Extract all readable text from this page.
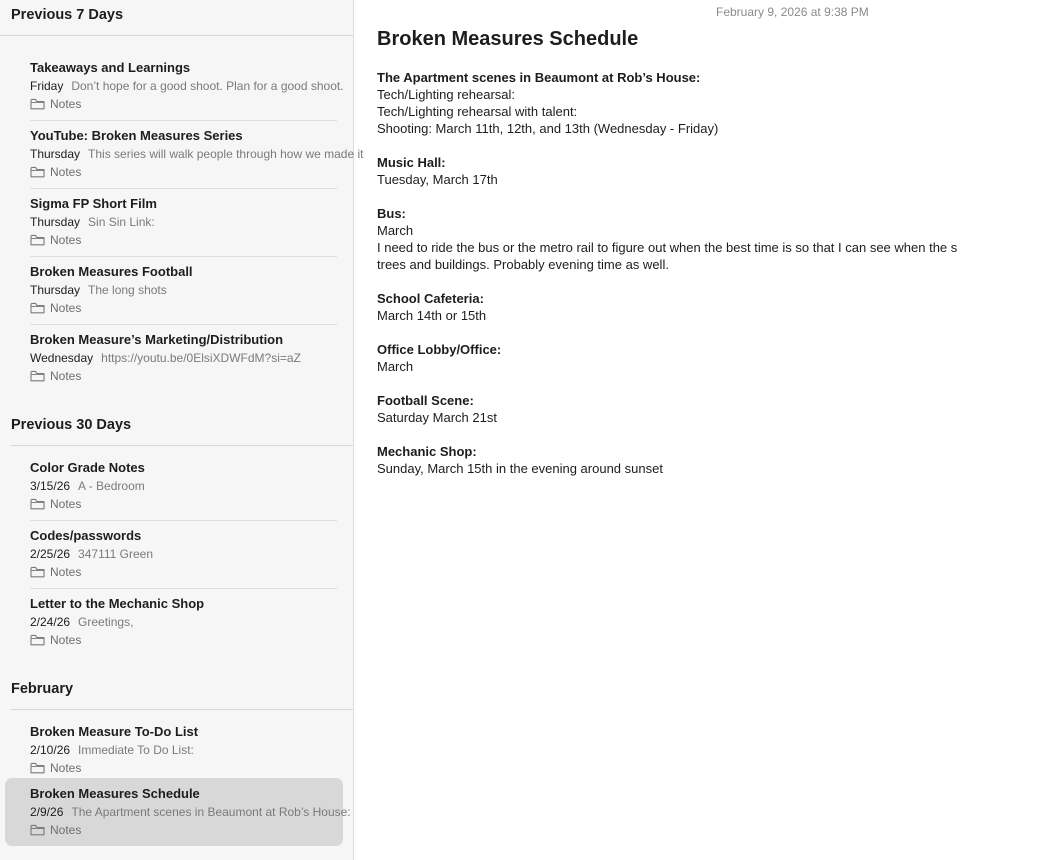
Previous 7 Days
Takeaways and Learnings
Friday Don’t hope for a good shoot. Plan for a good shoot.
Notes
YouTube: Broken Measures Series
Thursday This series will walk people through how we made it
Notes
Sigma FP Short Film
Thursday Sin Sin Link:
Notes
Broken Measures Football
Thursday The long shots
Notes
Broken Measure’s Marketing/Distribution
Wednesday https://youtu.be/0ElsiXDWFdM?si=aZ
Notes
Previous 30 Days
Color Grade Notes
3/15/26 A - Bedroom
Notes
Codes/passwords
2/25/26 347111 Green
Notes
Letter to the Mechanic Shop
2/24/26 Greetings,
Notes
February
Broken Measure To-Do List
2/10/26 Immediate To Do List:
Notes
Broken Measures Schedule
2/9/26 The Apartment scenes in Beaumont at Rob’s House:
Notes
February 9, 2026 at 9:38 PM
Broken Measures Schedule
The Apartment scenes in Beaumont at Rob’s House:
Tech/Lighting rehearsal:
Tech/Lighting rehearsal with talent:
Shooting: March 11th, 12th, and 13th (Wednesday - Friday)
Music Hall:
Tuesday, March 17th
Bus:
March
I need to ride the bus or the metro rail to figure out when the best time is so that I can see when the s
trees and buildings. Probably evening time as well.
School Cafeteria:
March 14th or 15th
Office Lobby/Office:
March
Football Scene:
Saturday March 21st
Mechanic Shop:
Sunday, March 15th in the evening around sunset
